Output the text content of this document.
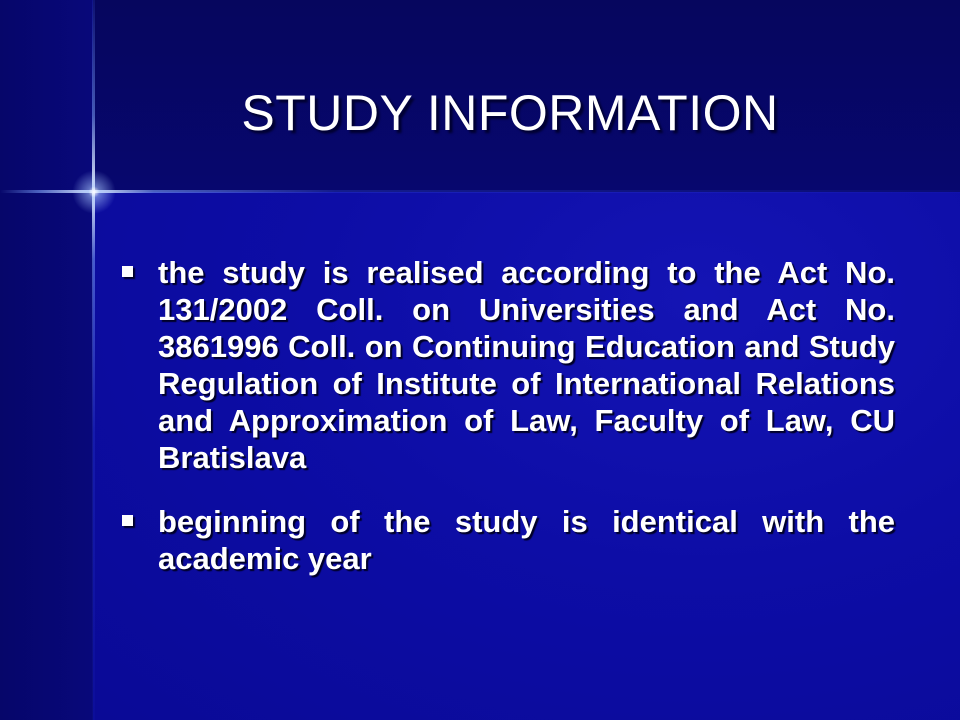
STUDY INFORMATION
the study is realised according to the Act No. 131/2002 Coll. on Universities and Act No. 3861996 Coll. on Continuing Education and Study Regulation of Institute of International Relations and Approximation of Law, Faculty of Law, CU Bratislava
beginning of the study is identical with the academic year
